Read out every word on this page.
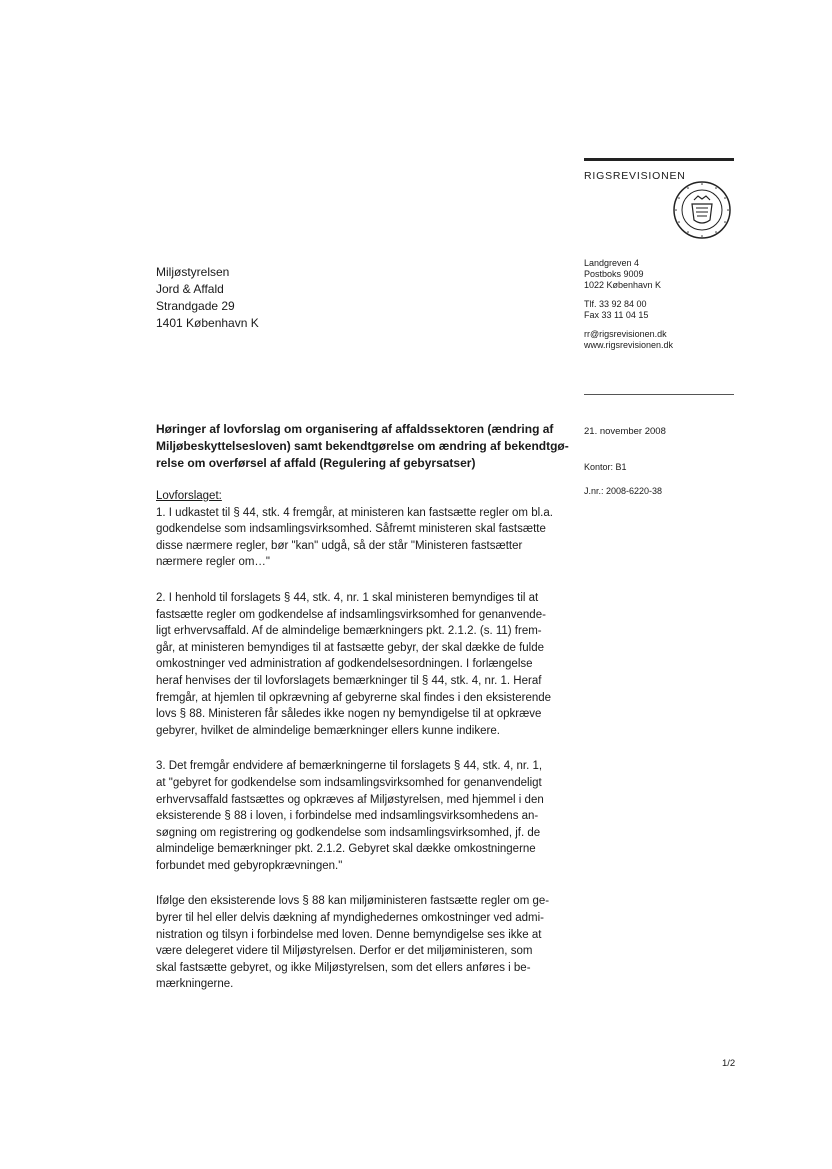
RIGSREVISIONEN
Landgreven 4
Postboks 9009
1022 København K
Tlf. 33 92 84 00
Fax 33 11 04 15
rr@rigsrevisionen.dk
www.rigsrevisionen.dk
Miljøstyrelsen
Jord & Affald
Strandgade 29
1401 København K
21. november 2008
Kontor: B1
J.nr.: 2008-6220-38
Høringer af lovforslag om organisering af affaldssektoren (ændring af
Miljøbeskyttelsesloven) samt bekendtgørelse om ændring af bekendtgø-
relse om overførsel af affald (Regulering af gebyrsatser)
Lovforslaget:

1. I udkastet til § 44, stk. 4 fremgår, at ministeren kan fastsætte regler om bl.a.
godkendelse som indsamlingsvirksomhed. Såfremt ministeren skal fastsætte
disse nærmere regler, bør "kan" udgå, så der står "Ministeren fastsætter
nærmere regler om…"

2. I henhold til forslagets § 44, stk. 4, nr. 1 skal ministeren bemyndiges til at
fastsætte regler om godkendelse af indsamlingsvirksomhed for genanvende-
ligt erhvervsaffald. Af de almindelige bemærkningers pkt. 2.1.2. (s. 11) frem-
går, at ministeren bemyndiges til at fastsætte gebyr, der skal dække de fulde
omkostninger ved administration af godkendelsesordningen. I forlængelse
heraf henvises der til lovforslagets bemærkninger til § 44, stk. 4, nr. 1. Heraf
fremgår, at hjemlen til opkrævning af gebyrerne skal findes i den eksisterende
lovs § 88. Ministeren får således ikke nogen ny bemyndigelse til at opkræve
gebyrer, hvilket de almindelige bemærkninger ellers kunne indikere.

3. Det fremgår endvidere af bemærkningerne til forslagets § 44, stk. 4, nr. 1,
at "gebyret for godkendelse som indsamlingsvirksomhed for genanvendeligt
erhvervsaffald fastsættes og opkræves af Miljøstyrelsen, med hjemmel i den
eksisterende § 88 i loven, i forbindelse med indsamlingsvirksomhedens an-
søgning om registrering og godkendelse som indsamlingsvirksomhed, jf. de
almindelige bemærkninger pkt. 2.1.2. Gebyret skal dække omkostningerne
forbundet med gebyropkrævningen."

Ifølge den eksisterende lovs § 88 kan miljøministeren fastsætte regler om ge-
byrer til hel eller delvis dækning af myndighedernes omkostninger ved admi-
nistration og tilsyn i forbindelse med loven. Denne bemyndigelse ses ikke at
være delegeret videre til Miljøstyrelsen. Derfor er det miljøministeren, som
skal fastsætte gebyret, og ikke Miljøstyrelsen, som det ellers anføres i be-
mærkningerne.

1/2
